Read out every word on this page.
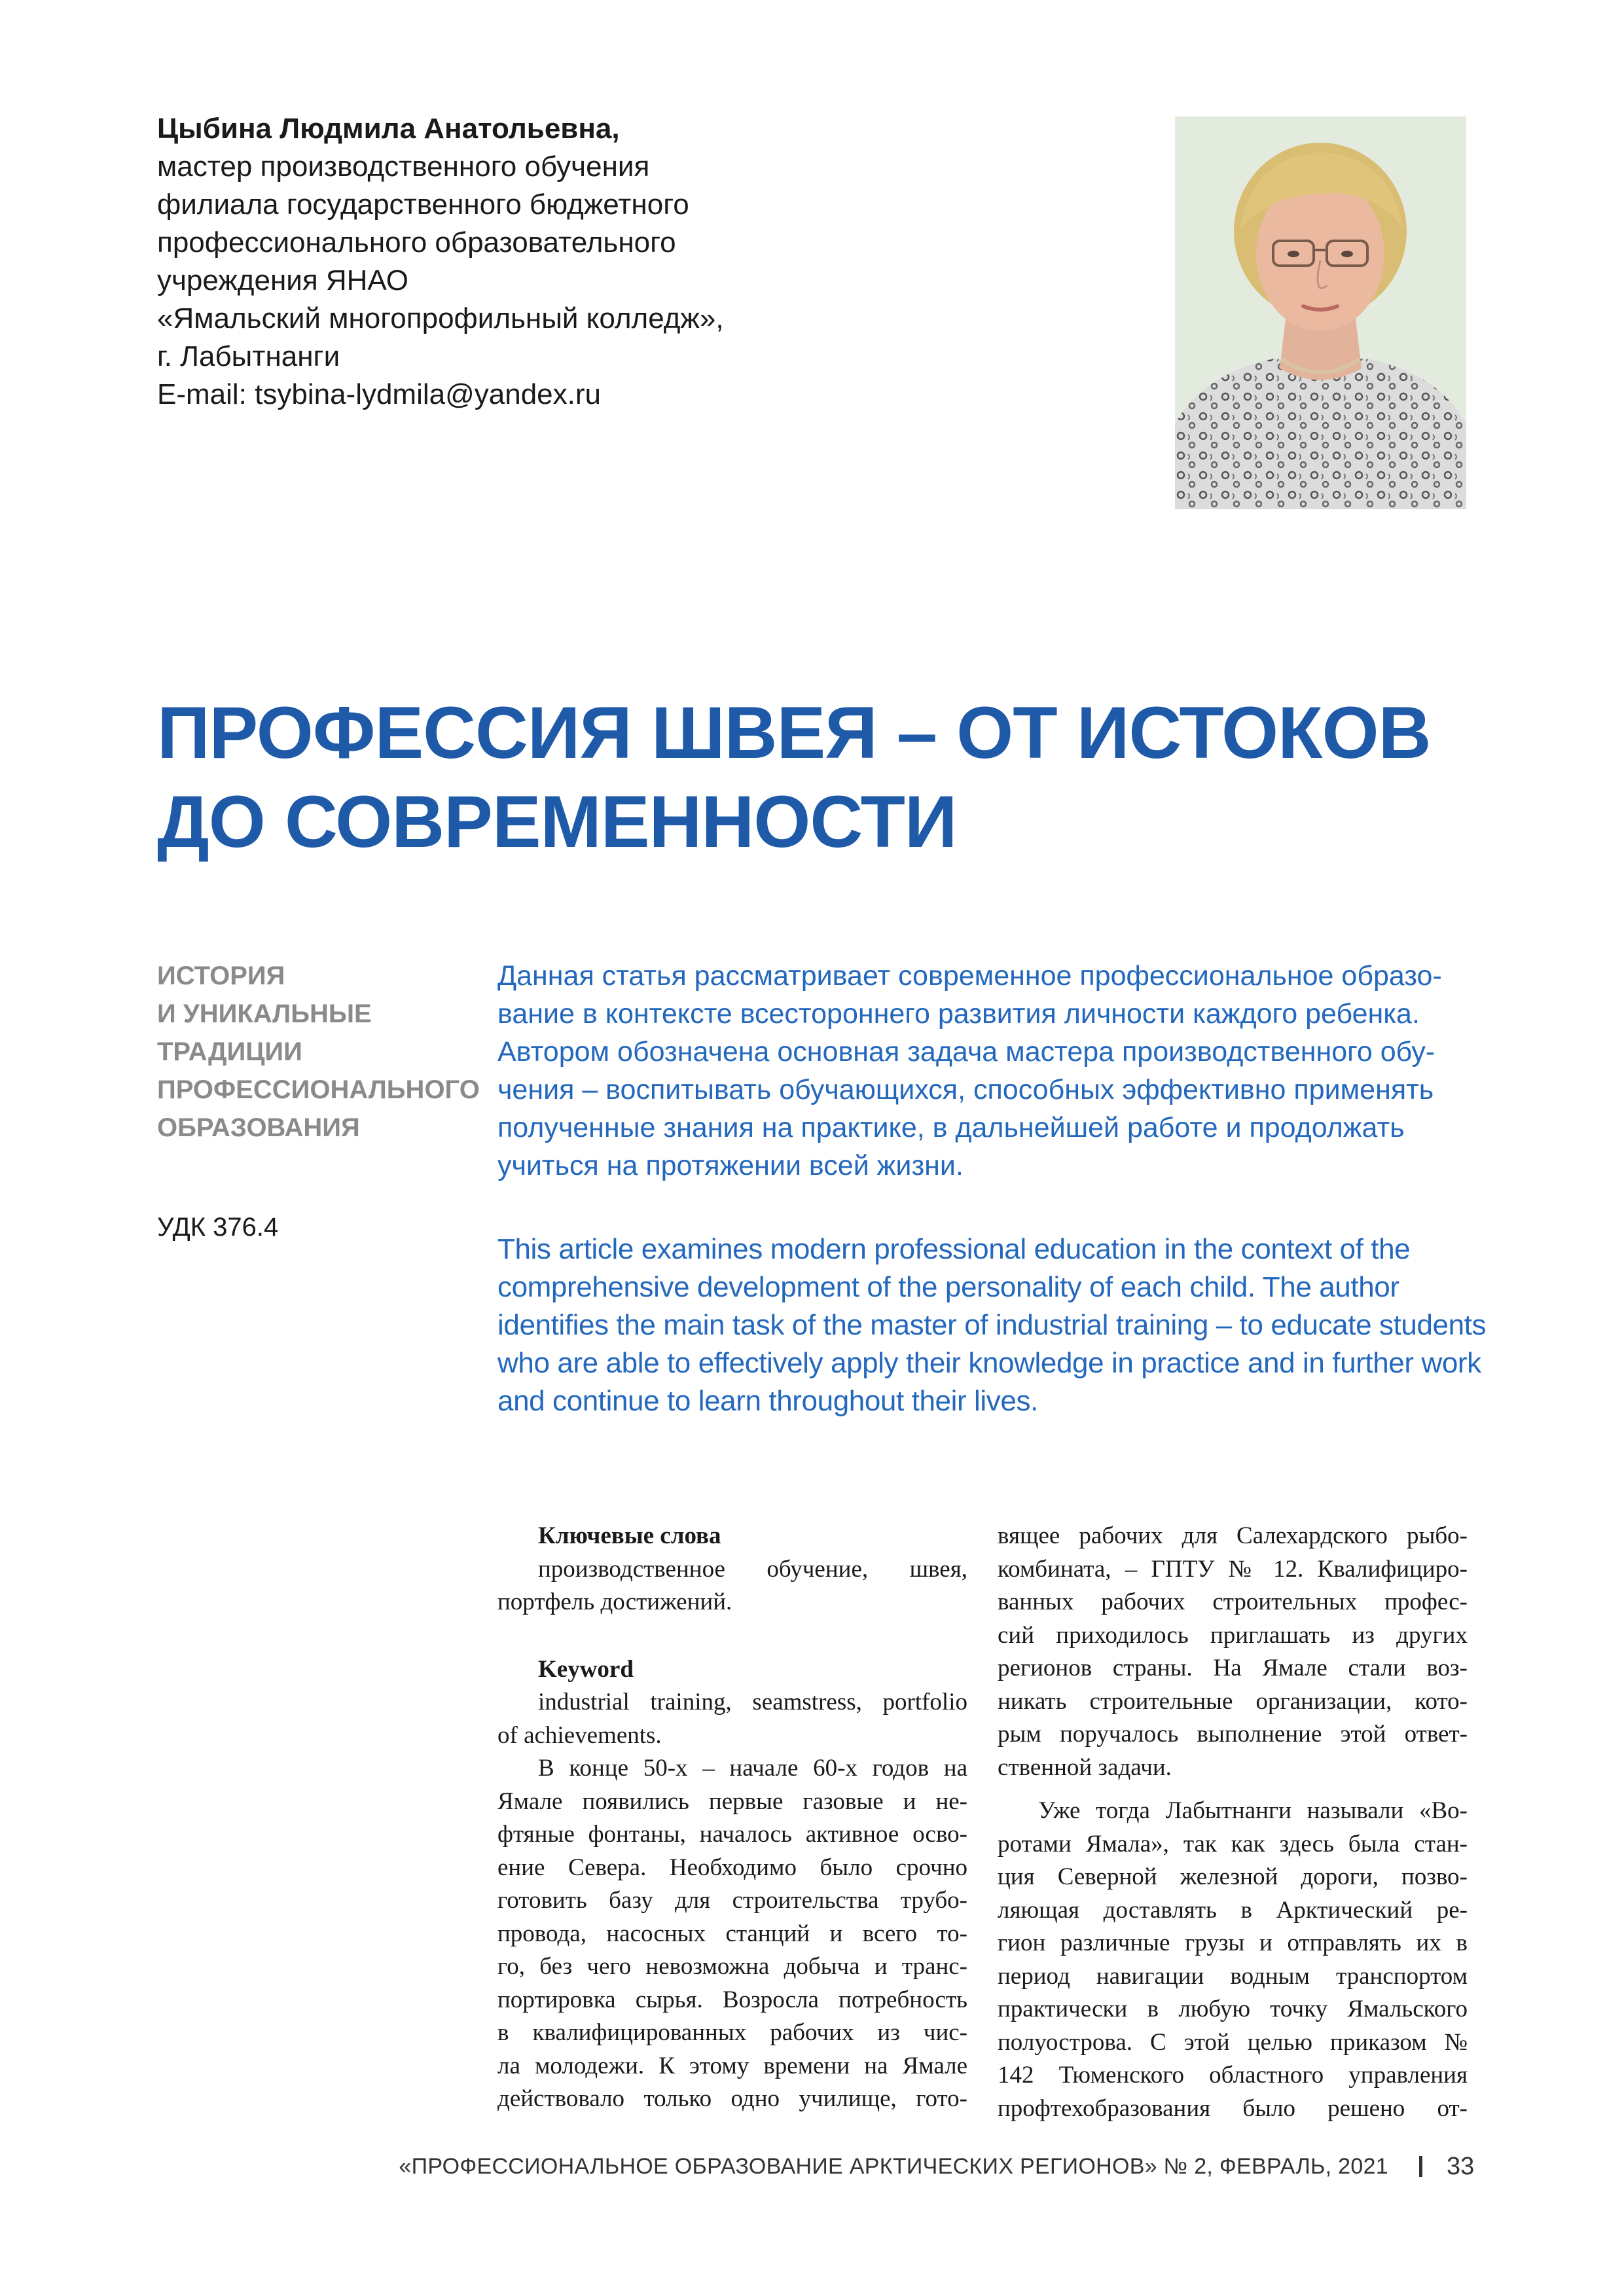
Цыбина Людмила Анатольевна,
мастер производственного обучения
филиала государственного бюджетного
профессионального образовательного
учреждения ЯНАО
«Ямальский многопрофильный колледж»,
г. Лабытнанги
E-mail: tsybina-lydmila@yandex.ru
ПРОФЕССИЯ ШВЕЯ – ОТ ИСТОКОВ
ДО СОВРЕМЕННОСТИ
ИСТОРИЯ
И УНИКАЛЬНЫЕ
ТРАДИЦИИ
ПРОФЕССИОНАЛЬНОГО
ОБРАЗОВАНИЯ
УДК 376.4
Данная статья рассматривает современное профессиональное образо-
вание в контексте всестороннего развития личности каждого ребенка.
Автором обозначена основная задача мастера производственного обу-
чения – воспитывать обучающихся, способных эффективно применять
полученные знания на практике, в дальнейшей работе и продолжать
учиться на протяжении всей жизни.
This article examines modern professional education in the context of the
comprehensive development of the personality of each child. The author
identifies the main task of the master of industrial training – to educate students
who are able to effectively apply their knowledge in practice and in further work
and continue to learn throughout their lives.

Ключевые слова

производственное обучение, швея,

портфель достижений.

Keyword

industrial training, seamstress, portfolio

of achievements.

В конце 50-х – начале 60-х годов на

Ямале появились первые газовые и не-

фтяные фонтаны, началось активное осво-

ение Севера. Необходимо было срочно

готовить базу для строительства трубо-

провода, насосных станций и всего то-

го, без чего невозможна добыча и транс-

портировка сырья. Возросла потребность

в квалифицированных рабочих из чис-

ла молодежи. К этому времени на Ямале

действовало только одно училище, гото-

вящее рабочих для Салехардского рыбо-

комбината, – ГПТУ № 12. Квалифициро-

ванных рабочих строительных профес-

сий приходилось приглашать из других

регионов страны. На Ямале стали воз-

никать строительные организации, кото-

рым поручалось выполнение этой ответ-

ственной задачи.

Уже тогда Лабытнанги называли «Во-

ротами Ямала», так как здесь была стан-

ция Северной железной дороги, позво-

ляющая доставлять в Арктический ре-

гион различные грузы и отправлять их в

период навигации водным транспортом

практически в любую точку Ямальского

полуострова. С этой целью приказом №

142 Тюменского областного управления

профтехобразования было решено от-

«ПРОФЕССИОНАЛЬНОЕ ОБРАЗОВАНИЕ АРКТИЧЕСКИХ РЕГИОНОВ» № 2, ФЕВРАЛЬ, 2021 33
